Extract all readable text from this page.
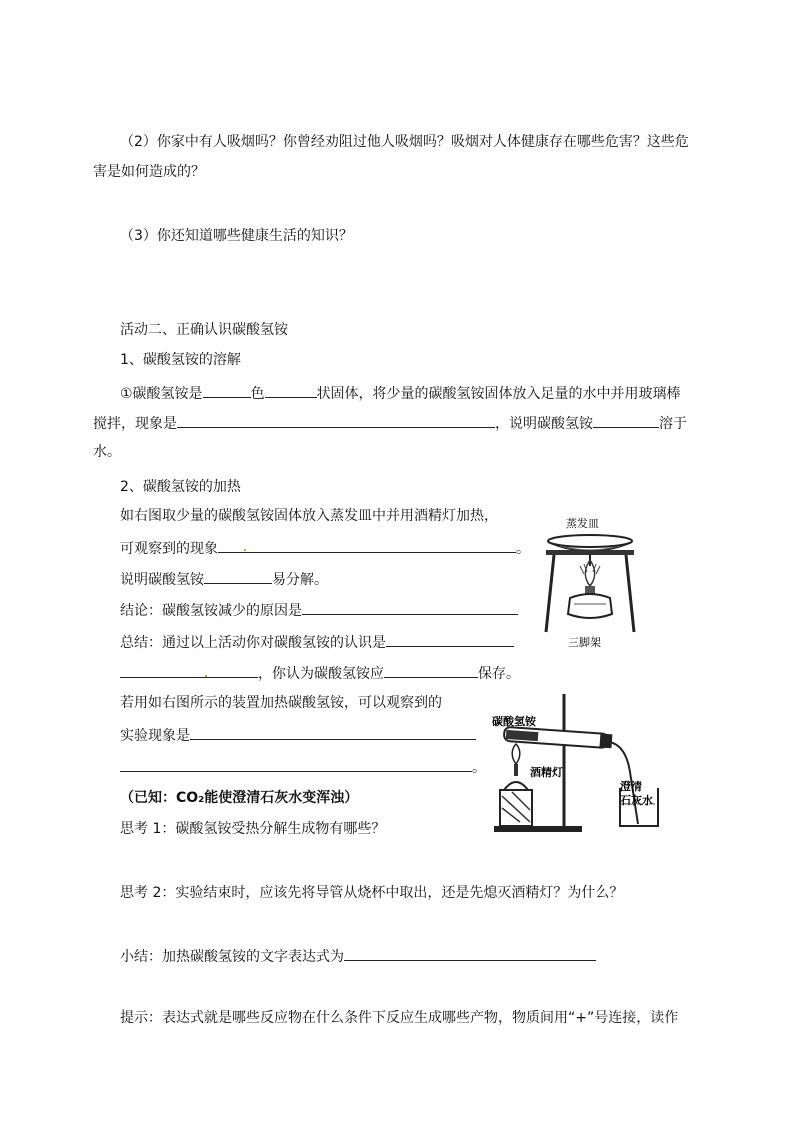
（2）你家中有人吸烟吗？你曾经劝阻过他人吸烟吗？吸烟对人体健康存在哪些危害？这些危
害是如何造成的？
（3）你还知道哪些健康生活的知识？
活动二、正确认识碳酸氢铵
1、碳酸氢铵的溶解
①碳酸氢铵是	色	状固体，将少量的碳酸氢铵固体放入足量的水中并用玻璃棒
搅拌，现象是	，说明碳酸氢铵	溶于
水。
2、碳酸氢铵的加热
如右图取少量的碳酸氢铵固体放入蒸发皿中并用酒精灯加热，
可观察到的现象	。
说明碳酸氢铵	易分解。
结论：碳酸氢铵减少的原因是
总结：通过以上活动你对碳酸氢铵的认识是
，你认为碳酸氢铵应	保存。
若用如右图所示的装置加热碳酸氢铵，可以观察到的
实验现象是
。
（已知：CO₂能使澄清石灰水变浑浊）
思考 1：碳酸氢铵受热分解生成物有哪些？
思考 2：实验结束时，应该先将导管从烧杯中取出，还是先熄灭酒精灯？为什么？
小结：加热碳酸氢铵的文字表达式为
提示：表达式就是哪些反应物在什么条件下反应生成哪些产物，物质间用“+”号连接，读作
蒸发皿
三脚架
碳酸氢铵
酒精灯
澄清
石灰水
